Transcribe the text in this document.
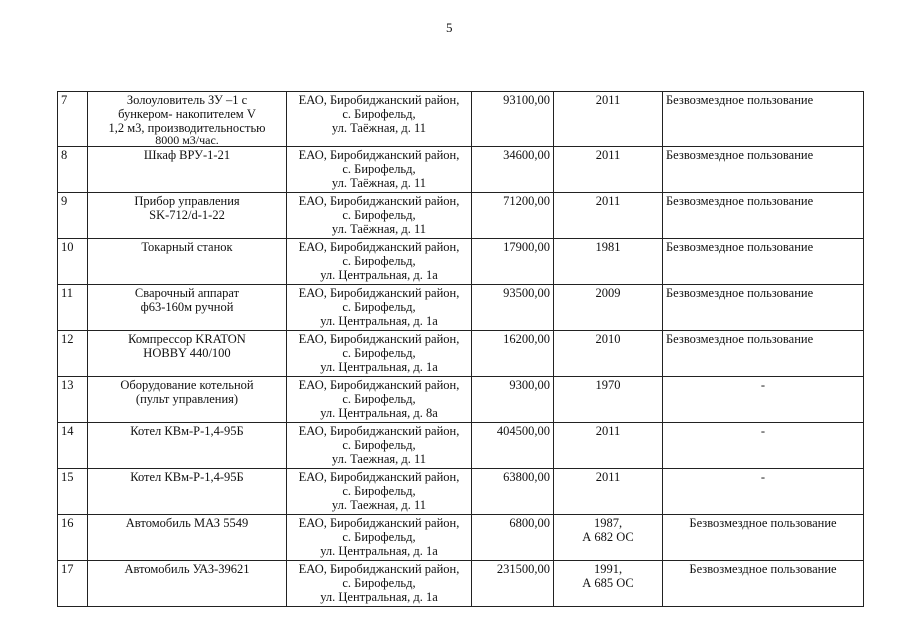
5
7	Золоуловитель ЗУ –1 с
бункером- накопителем V
1,2 м3, производительностью
8000 м3/час.	ЕАО, Биробиджанский район,
с. Бирофельд,
ул. Таёжная, д. 11	93100,00	2011	Безвозмездное пользование
8	Шкаф ВРУ-1-21	ЕАО, Биробиджанский район,
с. Бирофельд,
ул. Таёжная, д. 11	34600,00	2011	Безвозмездное пользование
9	Прибор управления
SK-712/d-1-22	ЕАО, Биробиджанский район,
с. Бирофельд,
ул. Таёжная, д. 11	71200,00	2011	Безвозмездное пользование
10	Токарный станок	ЕАО, Биробиджанский район,
с. Бирофельд,
ул. Центральная, д. 1а	17900,00	1981	Безвозмездное пользование
11	Сварочный аппарат
ф63-160м ручной	ЕАО, Биробиджанский район,
с. Бирофельд,
ул. Центральная, д. 1а	93500,00	2009	Безвозмездное пользование
12	Компрессор KRATON
HOBBY 440/100	ЕАО, Биробиджанский район,
с. Бирофельд,
ул. Центральная, д. 1а	16200,00	2010	Безвозмездное пользование
13	Оборудование котельной
(пульт управления)	ЕАО, Биробиджанский район,
с. Бирофельд,
ул. Центральная, д. 8а	9300,00	1970	-
14	Котел КВм-Р-1,4-95Б	ЕАО, Биробиджанский район,
с. Бирофельд,
ул. Таежная, д. 11	404500,00	2011	-
15	Котел КВм-Р-1,4-95Б	ЕАО, Биробиджанский район,
с. Бирофельд,
ул. Таежная, д. 11	63800,00	2011	-
16	Автомобиль МАЗ 5549	ЕАО, Биробиджанский район,
с. Бирофельд,
ул. Центральная, д. 1а	6800,00	1987,
А 682 ОС	Безвозмездное пользование
17	Автомобиль УАЗ-39621	ЕАО, Биробиджанский район,
с. Бирофельд,
ул. Центральная, д. 1а	231500,00	1991,
А 685 ОС	Безвозмездное пользование
